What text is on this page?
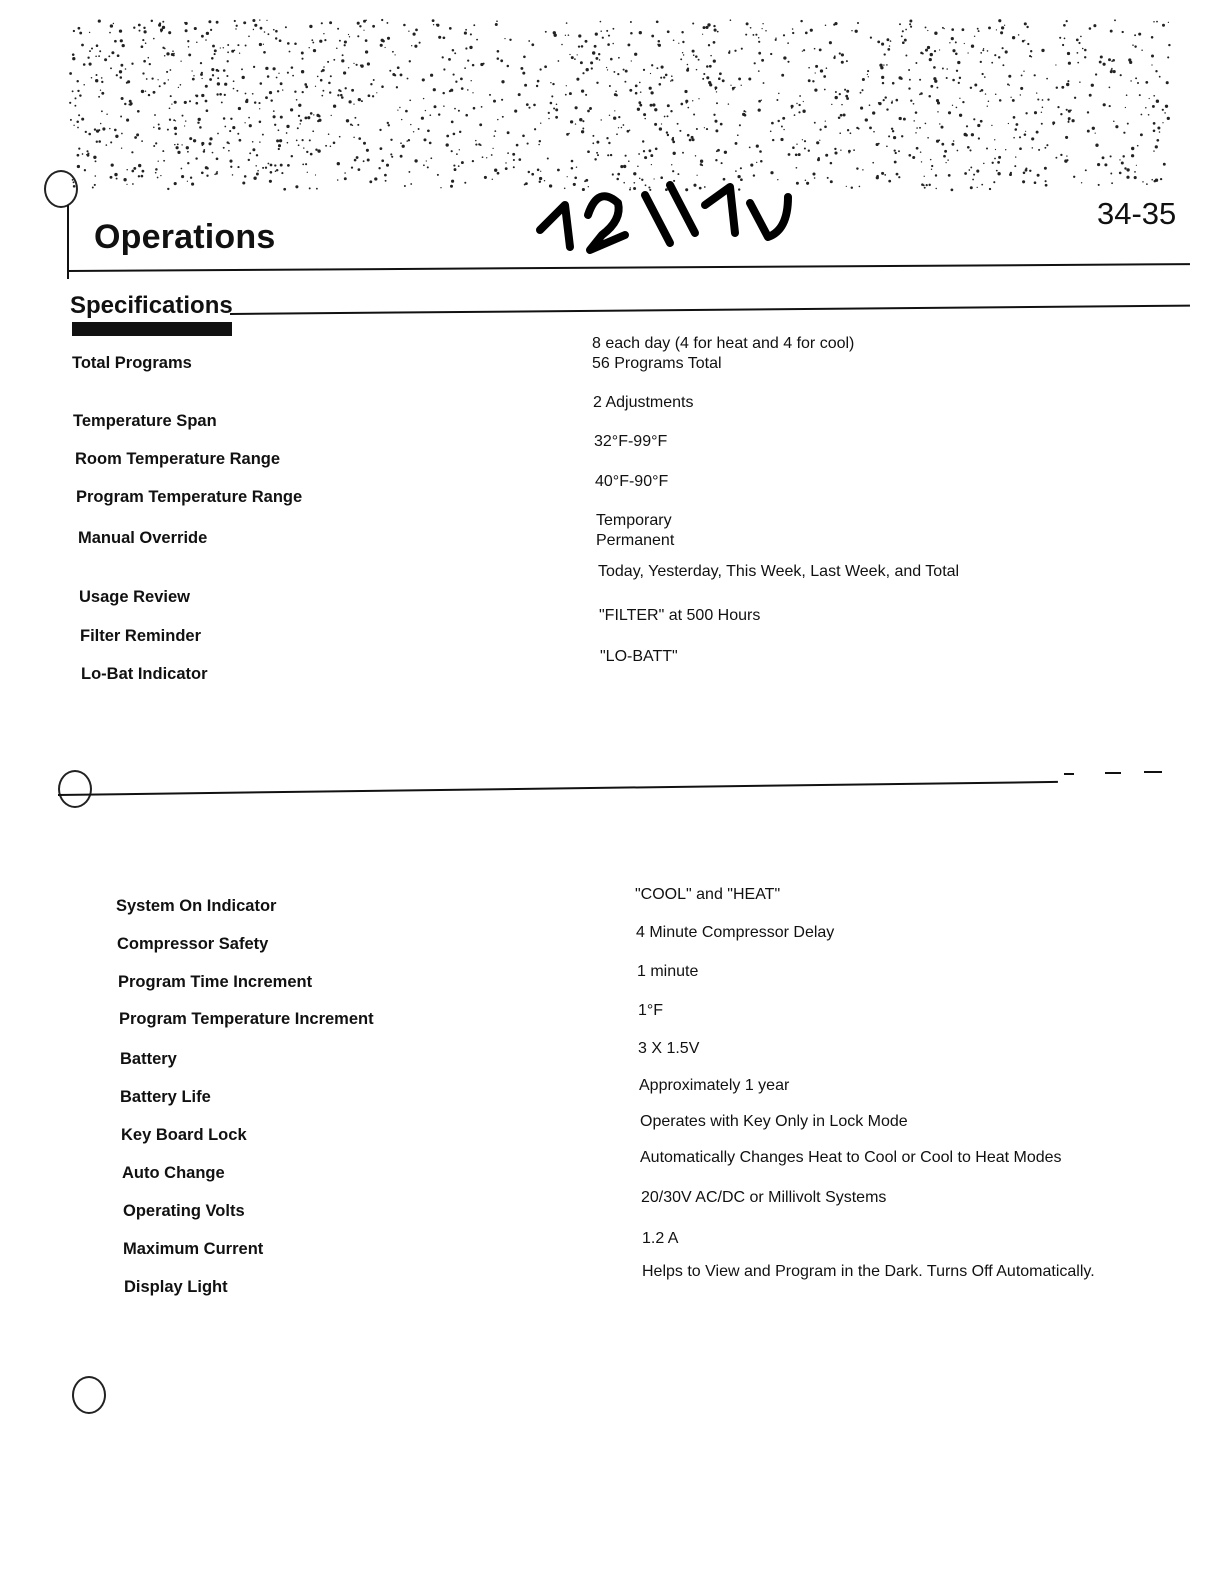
Operations
34-35
Specifications
Total Programs
8 each day (4 for heat and 4 for cool)
56 Programs Total
Temperature Span
2 Adjustments
Room Temperature Range
32°F-99°F
Program Temperature Range
40°F-90°F
Manual Override
Temporary
Permanent
Usage Review
Today, Yesterday, This Week, Last Week, and Total
Filter Reminder
"FILTER" at 500 Hours
Lo-Bat Indicator
"LO-BATT"
System On Indicator
"COOL" and "HEAT"
Compressor Safety
4 Minute Compressor Delay
Program Time Increment
1 minute
Program Temperature Increment	1°F
Battery
3 X 1.5V
Battery Life
Approximately 1 year
Key Board Lock
Operates with Key Only in Lock Mode
Auto Change
Automatically Changes Heat to Cool or Cool to Heat Modes
Operating Volts
20/30V AC/DC or Millivolt Systems
Maximum Current
1.2 A
Display Light
Helps to View and Program in the Dark. Turns Off Automatically.
